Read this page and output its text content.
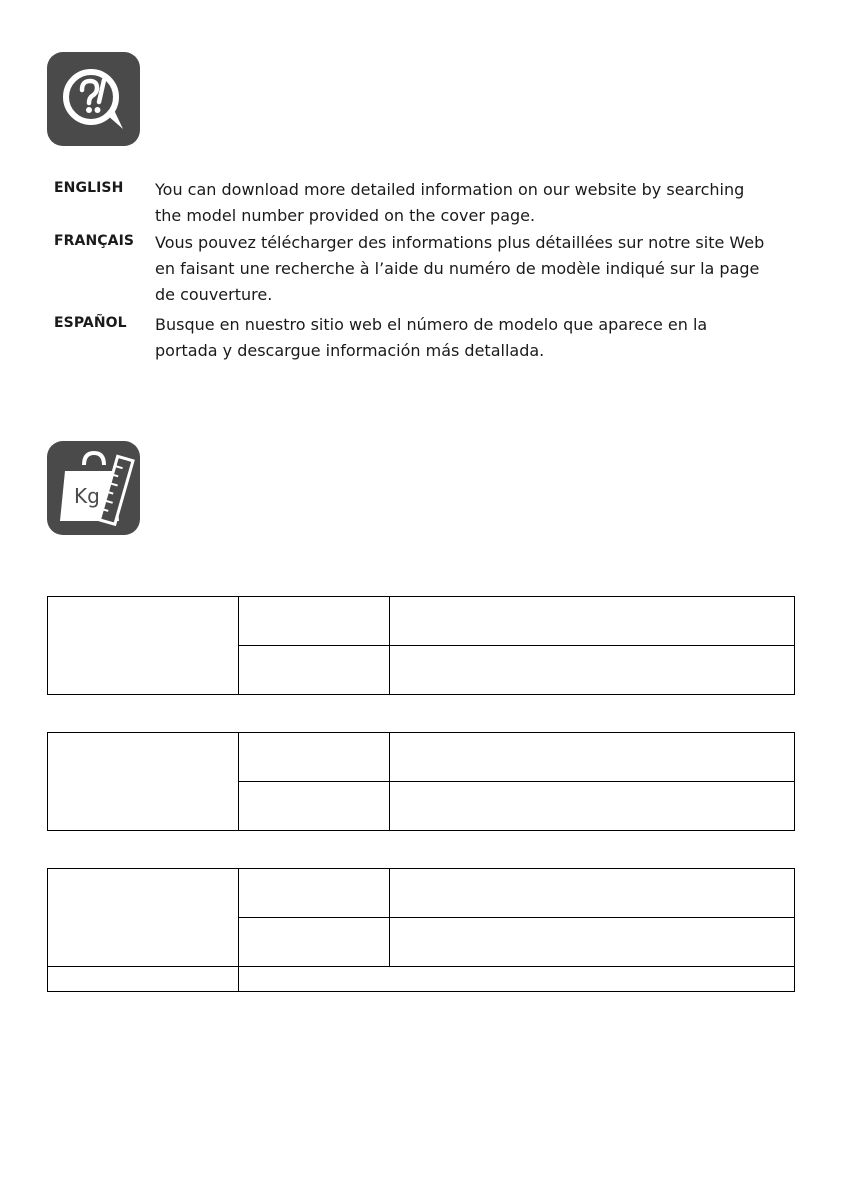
ENGLISH You can download more detailed information on our website by searching the model number provided on the cover page.
FRANÇAIS Vous pouvez télécharger des informations plus détaillées sur notre site Web en faisant une recherche à l’aide du numéro de modèle indiqué sur la page de couverture.
ESPAÑOL Busque en nuestro sitio web el número de modelo que aparece en la portada y descargue información más detallada.
Kg
